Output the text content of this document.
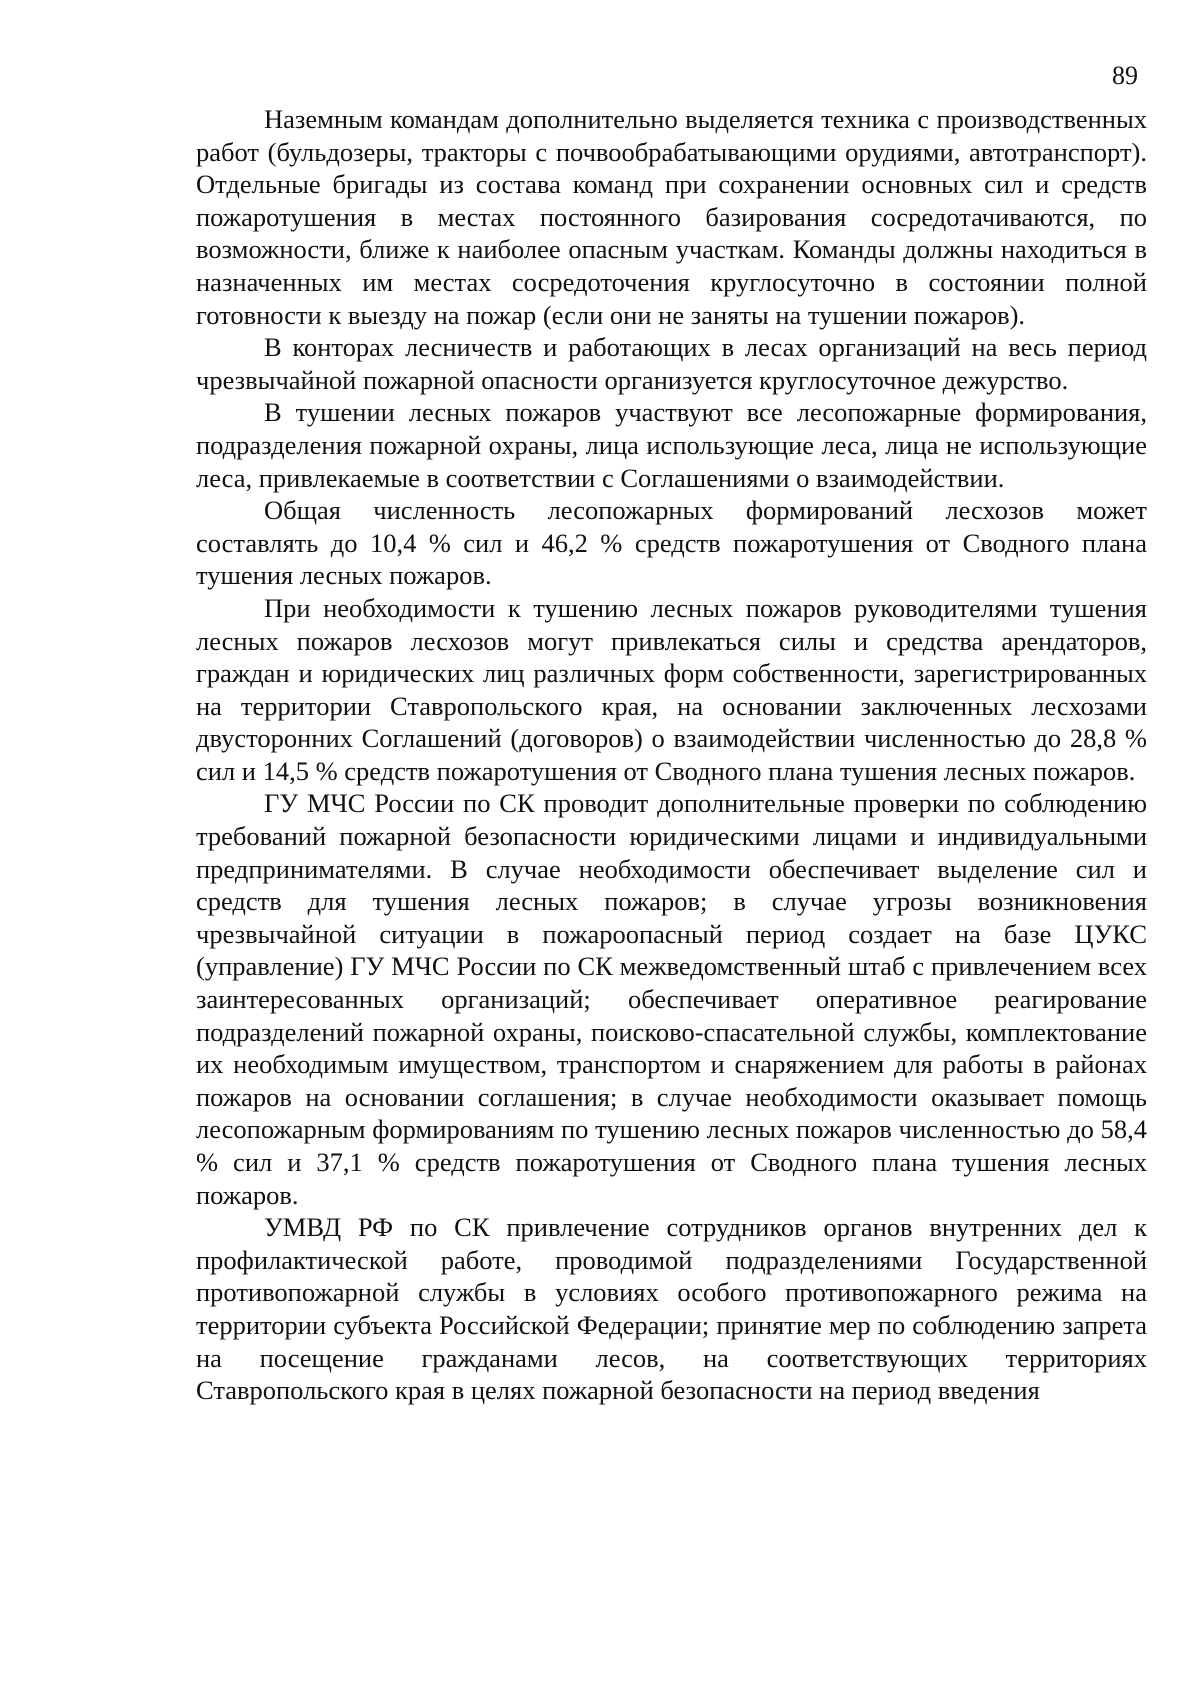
89

Наземным командам дополнительно выделяется техника с производственных работ (бульдозеры, тракторы с почвообрабатывающими орудиями, автотранспорт). Отдельные бригады из состава команд при сохранении основных сил и средств пожаротушения в местах постоянного базирования сосредотачиваются, по возможности, ближе к наиболее опасным участкам. Команды должны находиться в назначенных им местах сосредоточения круглосуточно в состоянии полной готовности к выезду на пожар (если они не заняты на тушении пожаров).

В конторах лесничеств и работающих в лесах организаций на весь период чрезвычайной пожарной опасности организуется круглосуточное дежурство.

В тушении лесных пожаров участвуют все лесопожарные формирования, подразделения пожарной охраны, лица использующие леса, лица не использующие леса, привлекаемые в соответствии с Соглашениями о взаимодействии.

Общая численность лесопожарных формирований лесхозов может составлять до 10,4 % сил и 46,2 % средств пожаротушения от Сводного плана тушения лесных пожаров.

При необходимости к тушению лесных пожаров руководителями тушения лесных пожаров лесхозов могут привлекаться силы и средства арендаторов, граждан и юридических лиц различных форм собственности, зарегистрированных на территории Ставропольского края, на основании заключенных лесхозами двусторонних Соглашений (договоров) о взаимодействии численностью до 28,8 % сил и 14,5 % средств пожаротушения от Сводного плана тушения лесных пожаров.

ГУ МЧС России по СК проводит дополнительные проверки по соблюдению требований пожарной безопасности юридическими лицами и индивидуальными предпринимателями. В случае необходимости обеспечивает выделение сил и средств для тушения лесных пожаров; в случае угрозы возникновения чрезвычайной ситуации в пожароопасный период создает на базе ЦУКС (управление) ГУ МЧС России по СК межведомственный штаб с привлечением всех заинтересованных организаций; обеспечивает оперативное реагирование подразделений пожарной охраны, поисково-спасательной службы, комплектование их необходимым имуществом, транспортом и снаряжением для работы в районах пожаров на основании соглашения; в случае необходимости оказывает помощь лесопожарным формированиям по тушению лесных пожаров численностью до 58,4 % сил и 37,1 % средств пожаротушения от Сводного плана тушения лесных пожаров.

УМВД РФ по СК привлечение сотрудников органов внутренних дел к профилактической работе, проводимой подразделениями Государственной противопожарной службы в условиях особого противопожарного режима на территории субъекта Российской Федерации; принятие мер по соблюдению запрета на посещение гражданами лесов, на соответствующих территориях Ставропольского края в целях пожарной безопасности на период введения
